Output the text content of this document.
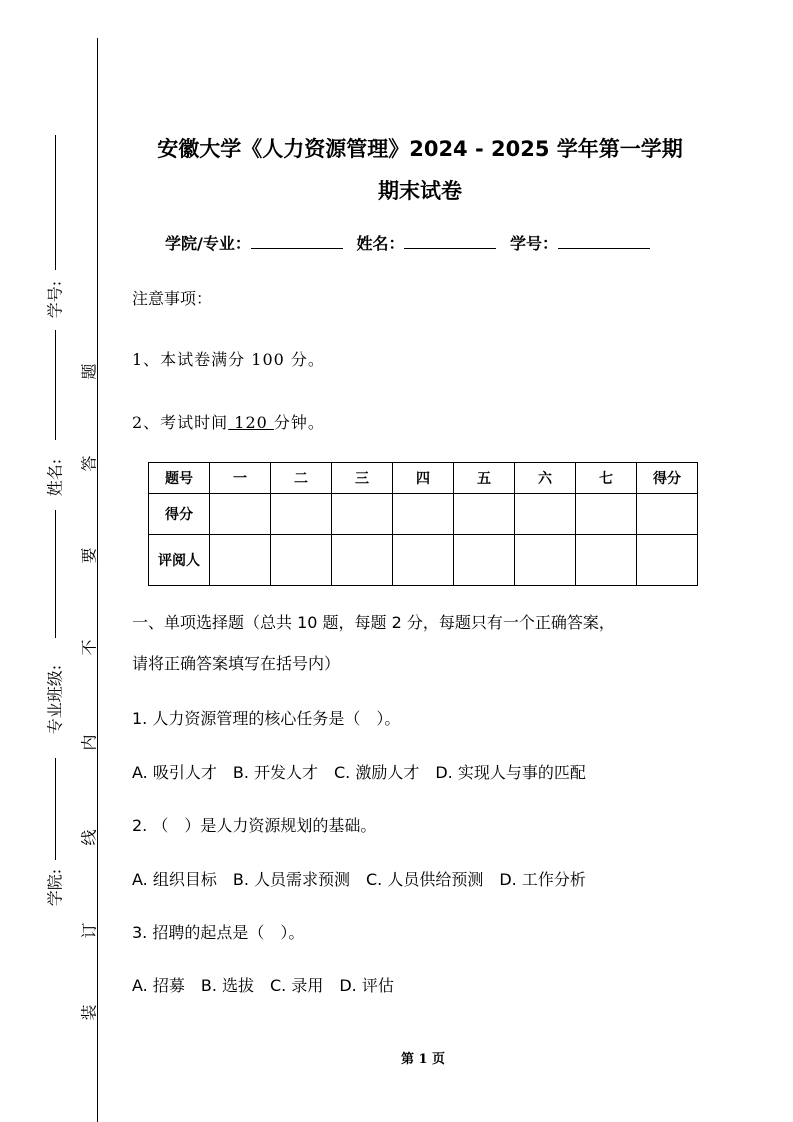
学号:
姓名:
专业班级:
学院:
题
答
要
不
内
线
订
装
安徽大学《人力资源管理》2024 - 2025 学年第一学期
期末试卷
学院/专业：	姓名：	学号：
注意事项：
1、本试卷满分 100 分。
2、考试时间 120 分钟。
题号	一	二	三	四	五	六	七	得分
得分								
评阅人								
一、单项选择题（总共 10 题，每题 2 分，每题只有一个正确答案，
请将正确答案填写在括号内）
1. 人力资源管理的核心任务是（　）。
A. 吸引人才　B. 开发人才　C. 激励人才　D. 实现人与事的匹配
2. （　）是人力资源规划的基础。
A. 组织目标　B. 人员需求预测　C. 人员供给预测　D. 工作分析
3. 招聘的起点是（　）。
A. 招募　B. 选拔　C. 录用　D. 评估
第 1 页
